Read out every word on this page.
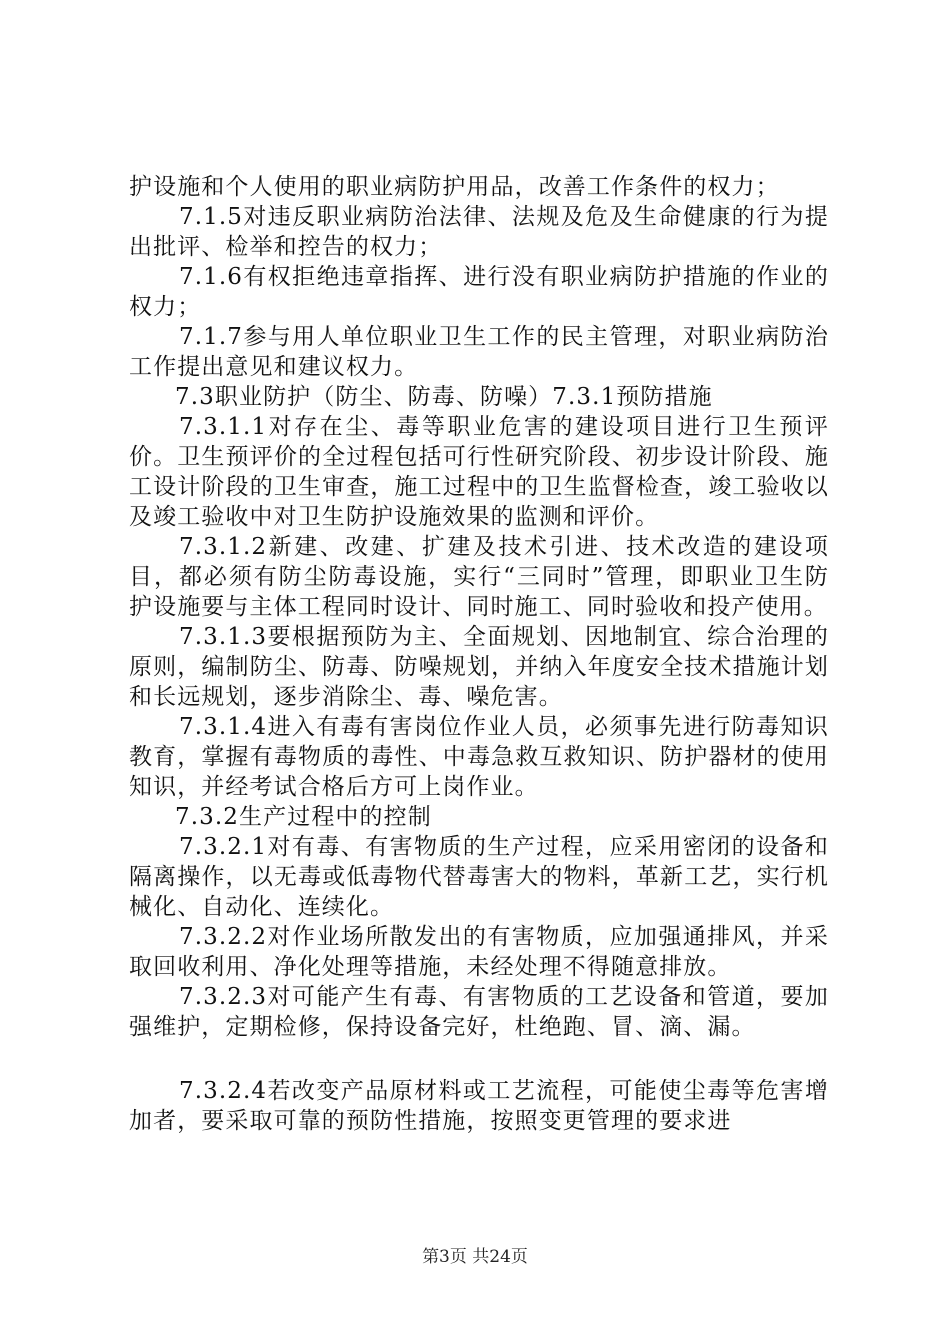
护设施和个人使用的职业病防护用品，改善工作条件的权力；

7.1.5对违反职业病防治法律、法规及危及生命健康的行为提出批评、检举和控告的权力；

7.1.6有权拒绝违章指挥、进行没有职业病防护措施的作业的权力；

7.1.7参与用人单位职业卫生工作的民主管理，对职业病防治工作提出意见和建议权力。

7.3职业防护（防尘、防毒、防噪）7.3.1预防措施

7.3.1.1对存在尘、毒等职业危害的建设项目进行卫生预评价。卫生预评价的全过程包括可行性研究阶段、初步设计阶段、施工设计阶段的卫生审查，施工过程中的卫生监督检查，竣工验收以及竣工验收中对卫生防护设施效果的监测和评价。

7.3.1.2新建、改建、扩建及技术引进、技术改造的建设项目，都必须有防尘防毒设施，实行“三同时”管理，即职业卫生防护设施要与主体工程同时设计、同时施工、同时验收和投产使用。

7.3.1.3要根据预防为主、全面规划、因地制宜、综合治理的原则，编制防尘、防毒、防噪规划，并纳入年度安全技术措施计划和长远规划，逐步消除尘、毒、噪危害。

7.3.1.4进入有毒有害岗位作业人员，必须事先进行防毒知识教育，掌握有毒物质的毒性、中毒急救互救知识、防护器材的使用知识，并经考试合格后方可上岗作业。

7.3.2生产过程中的控制

7.3.2.1对有毒、有害物质的生产过程，应采用密闭的设备和隔离操作，以无毒或低毒物代替毒害大的物料，革新工艺，实行机械化、自动化、连续化。

7.3.2.2对作业场所散发出的有害物质，应加强通排风，并采取回收利用、净化处理等措施，未经处理不得随意排放。

7.3.2.3对可能产生有毒、有害物质的工艺设备和管道，要加强维护，定期检修，保持设备完好，杜绝跑、冒、滴、漏。

7.3.2.4若改变产品原材料或工艺流程，可能使尘毒等危害增加者，要采取可靠的预防性措施，按照变更管理的要求进

第3页 共24页
